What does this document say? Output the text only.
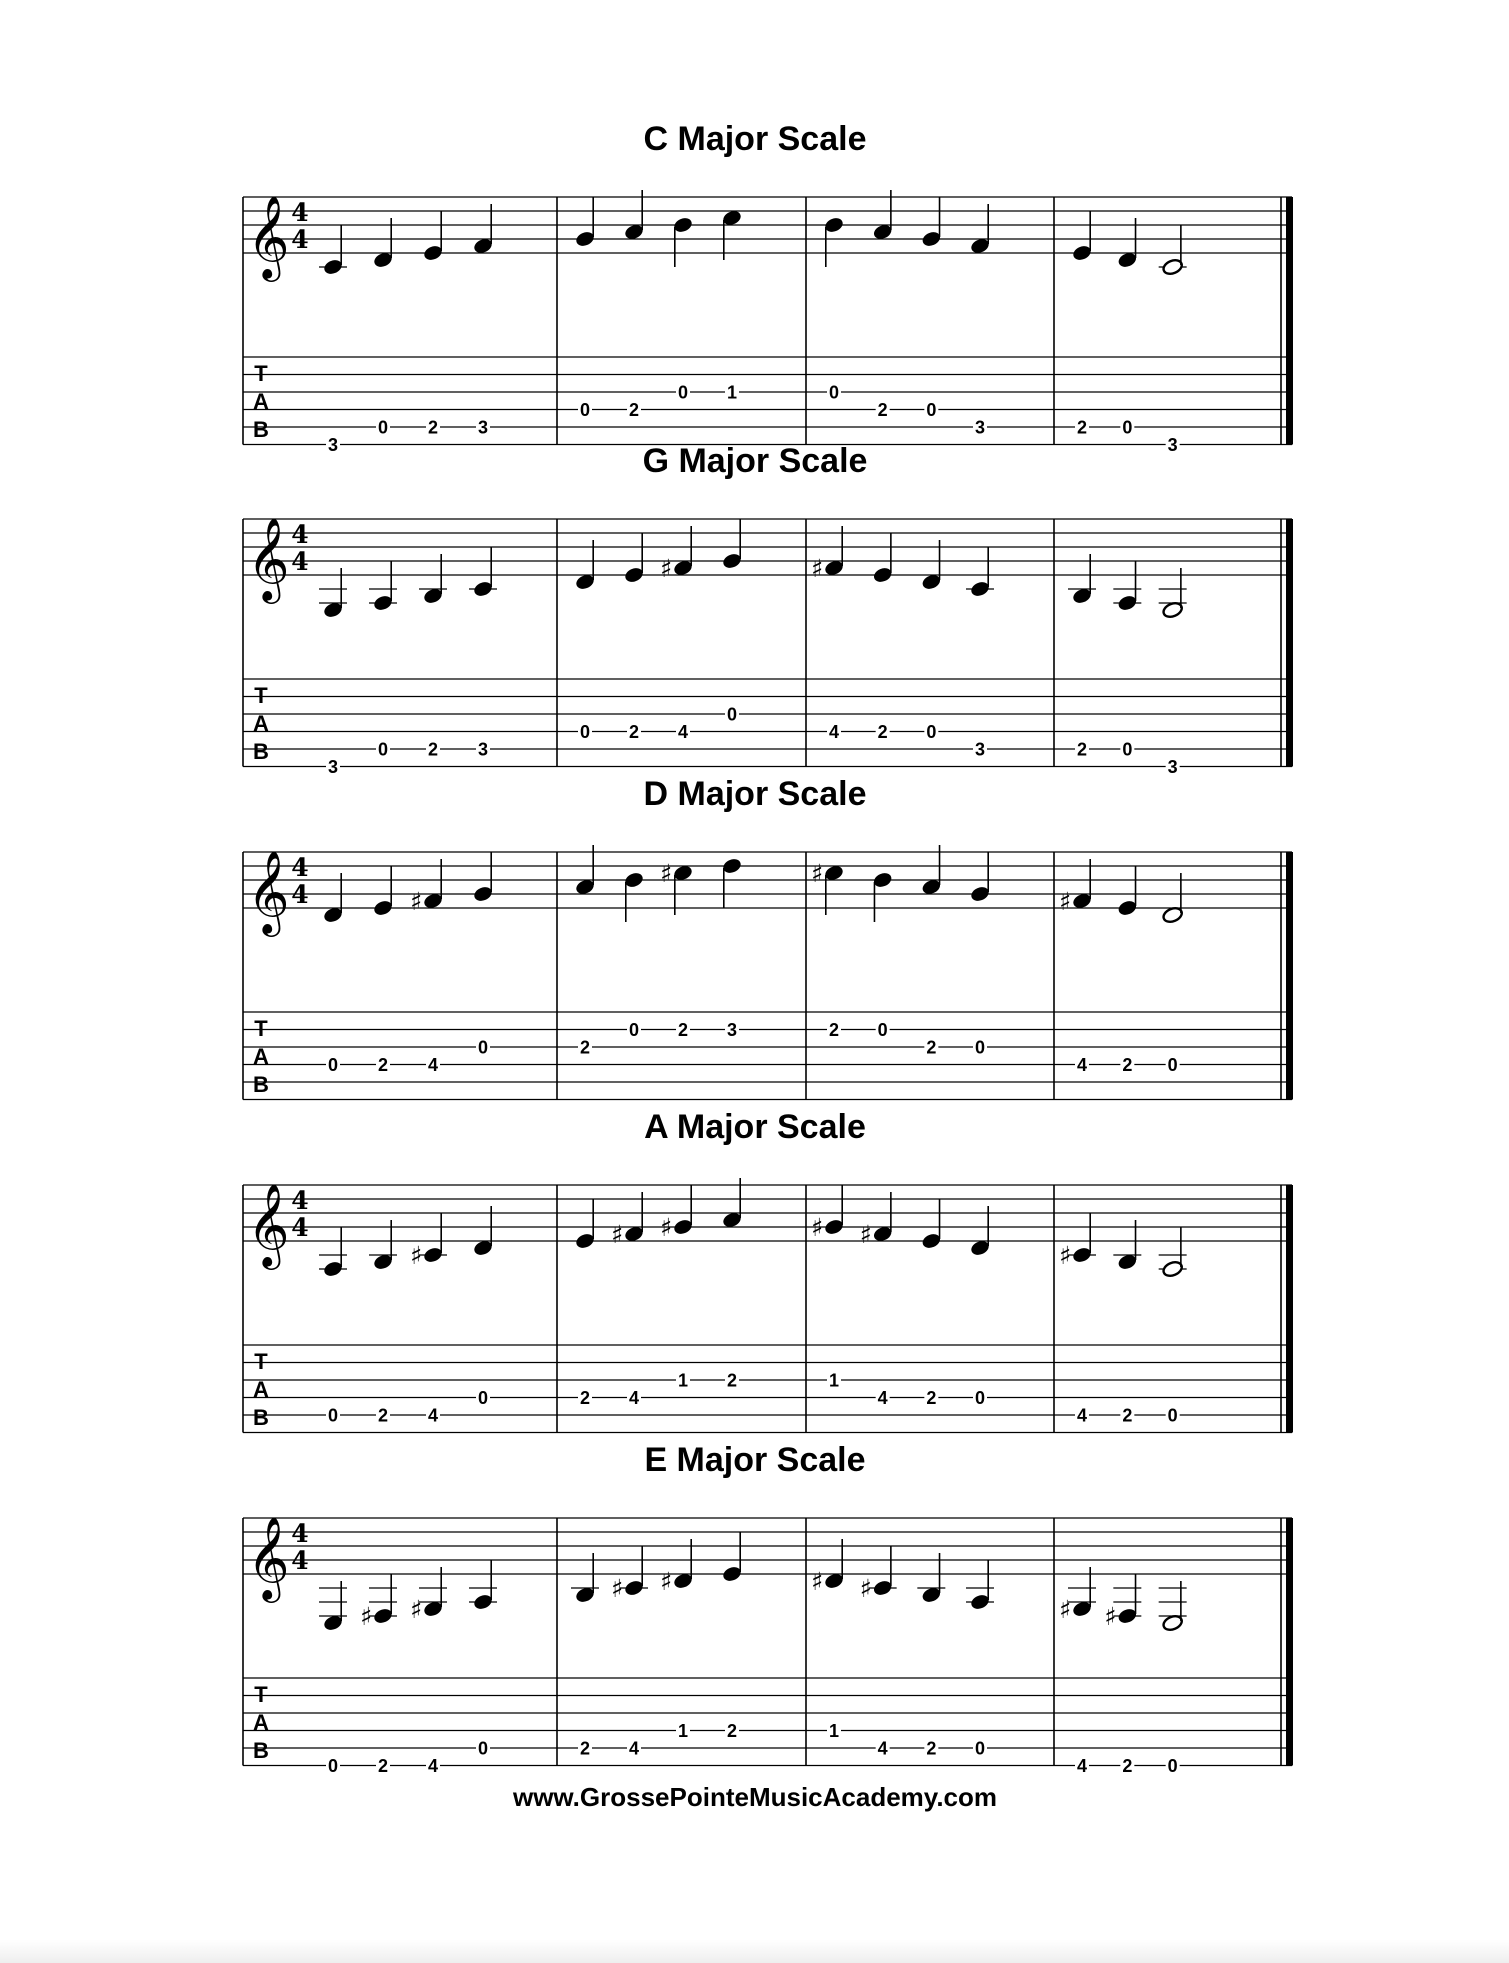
C Major Scale
𝄞 4
4
T
A
B
3
0 2 3
0 2
0 1	0
2 0
3	2 0
3
G Major Scale
𝄞 4
4
T
A
B
3
0 2 3
0 2
♯
4
0
♯
4 2 0
3	2 0
3
D Major Scale
𝄞 4
4
T
A
B
0 2
♯
4
0	2
0
♯
2 3
♯
2 0
2 0
♯
4 2 0
A Major Scale
𝄞 4
4
T
A
B	0 2
♯
4
0	2
♯
4
♯
1 2
♯
1
♯
4 2 0
♯
4 2 0
E Major Scale
𝄞 4
4
T
A
B
0
♯
2
♯
4
0	2
♯
4
♯
1 2
♯
1
♯
4 2 0
♯
4
♯
2 0
www.GrossePointeMusicAcademy.com
